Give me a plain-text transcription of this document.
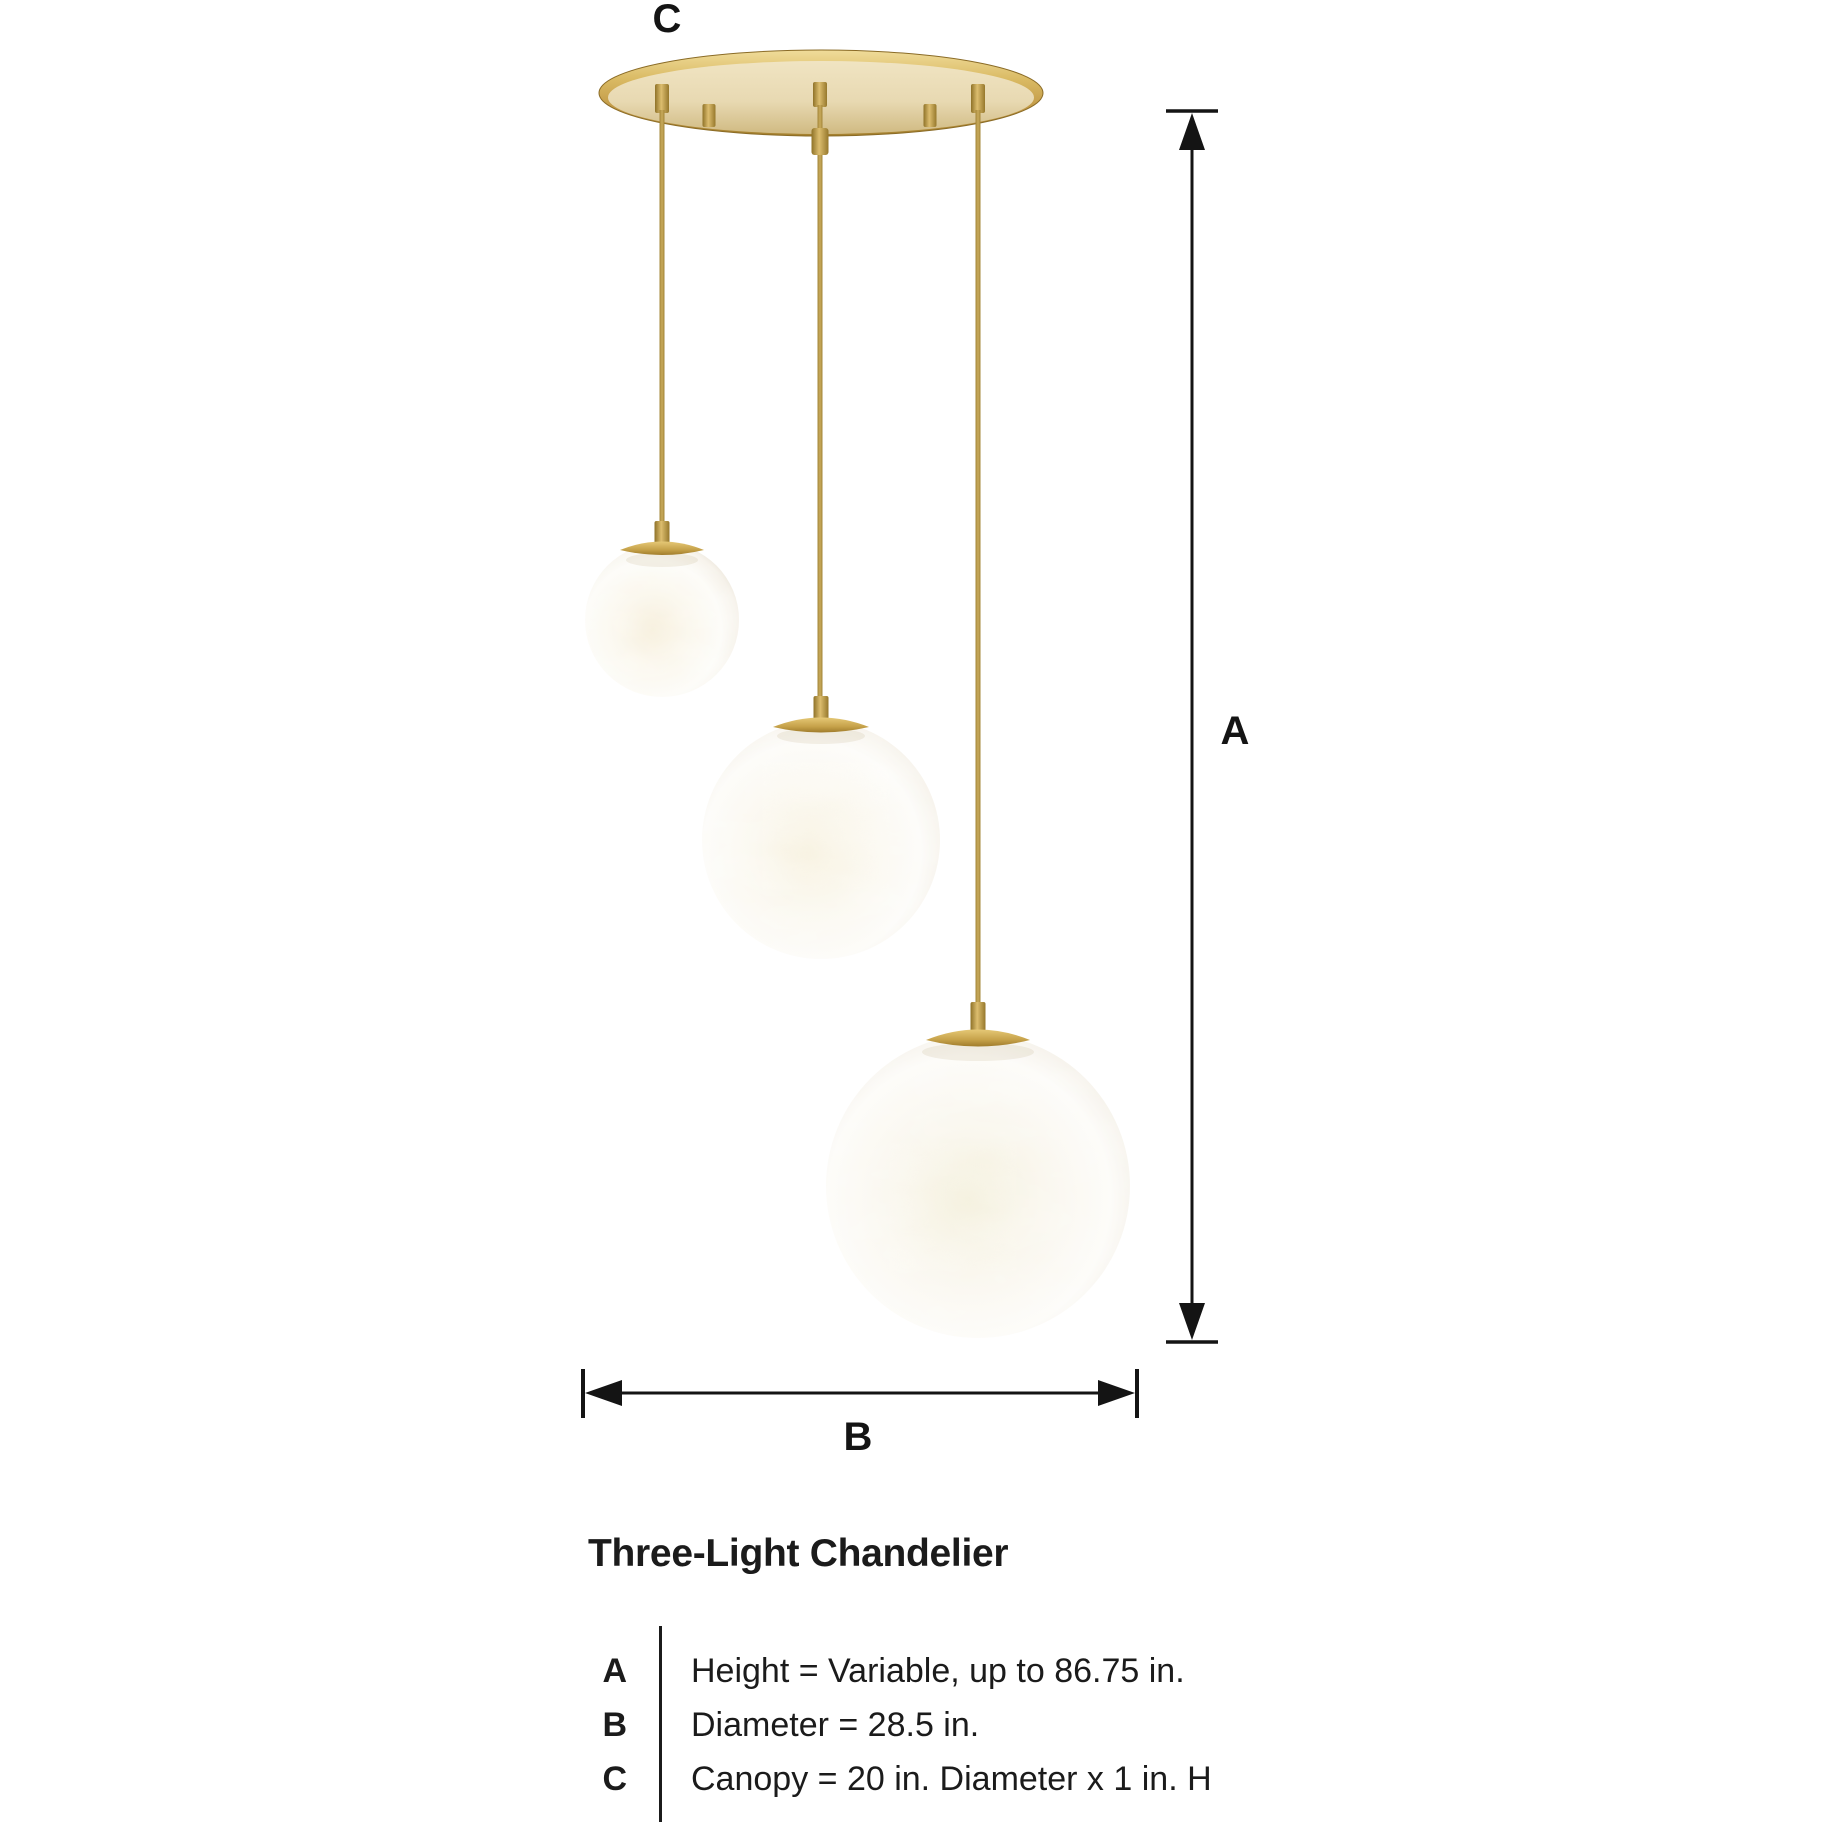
C
A
B
Three-Light Chandelier
A	Height = Variable, up to 86.75 in.
B	Diameter = 28.5 in.
C	Canopy = 20 in. Diameter x 1 in. H
